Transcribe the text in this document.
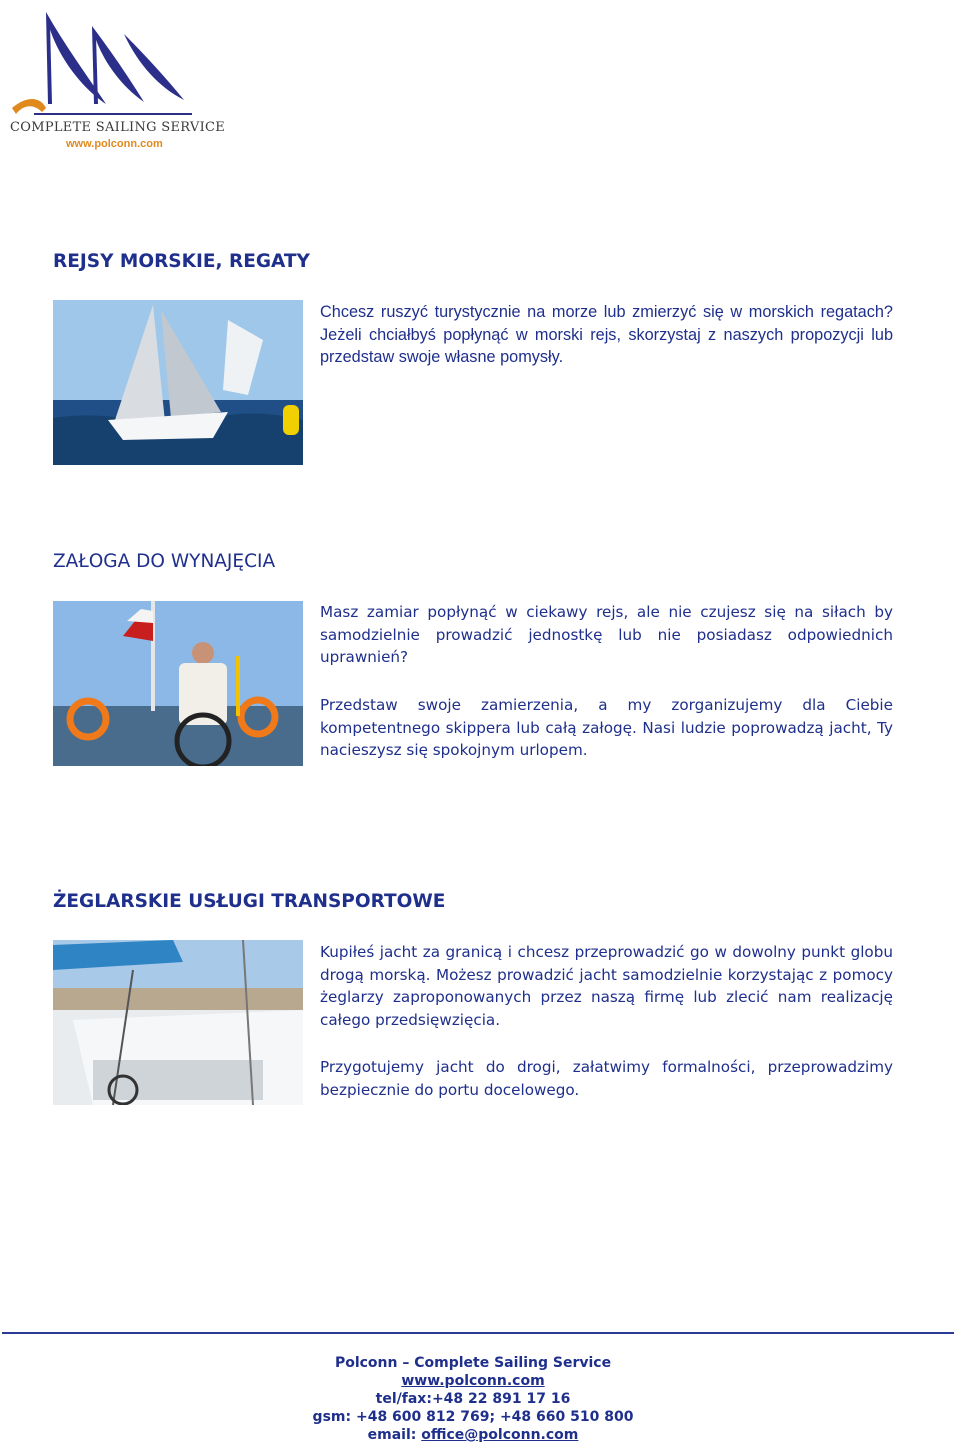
COMPLETE SAILING SERVICE
www.polconn.com
REJSY MORSKIE, REGATY

Chcesz ruszyć turystycznie na morze lub zmierzyć się w morskich regatach? Jeżeli chciałbyś popłynąć w morski rejs, skorzystaj z naszych propozycji lub przedstaw swoje własne pomysły.

ZAŁOGA DO WYNAJĘCIA

Masz zamiar popłynąć w ciekawy rejs, ale nie czujesz się na siłach by samodzielnie prowadzić jednostkę lub nie posiadasz odpowiednich uprawnień?

Przedstaw swoje zamierzenia, a my zorganizujemy dla Ciebie kompetentnego skippera lub całą załogę. Nasi ludzie poprowadzą jacht, Ty nacieszysz się spokojnym urlopem.

ŻEGLARSKIE USŁUGI TRANSPORTOWE

Kupiłeś jacht za granicą i chcesz przeprowadzić go w dowolny punkt globu drogą morską. Możesz prowadzić jacht samodzielnie korzystając z pomocy żeglarzy zaproponowanych przez naszą firmę lub zlecić nam realizację całego przedsięwzięcia.

Przygotujemy jacht do drogi, załatwimy formalności, przeprowadzimy bezpiecznie do portu docelowego.

Polconn – Complete Sailing Service
www.polconn.com
tel/fax:+48 22 891 17 16
gsm: +48 600 812 769; +48 660 510 800
email: office@polconn.com
